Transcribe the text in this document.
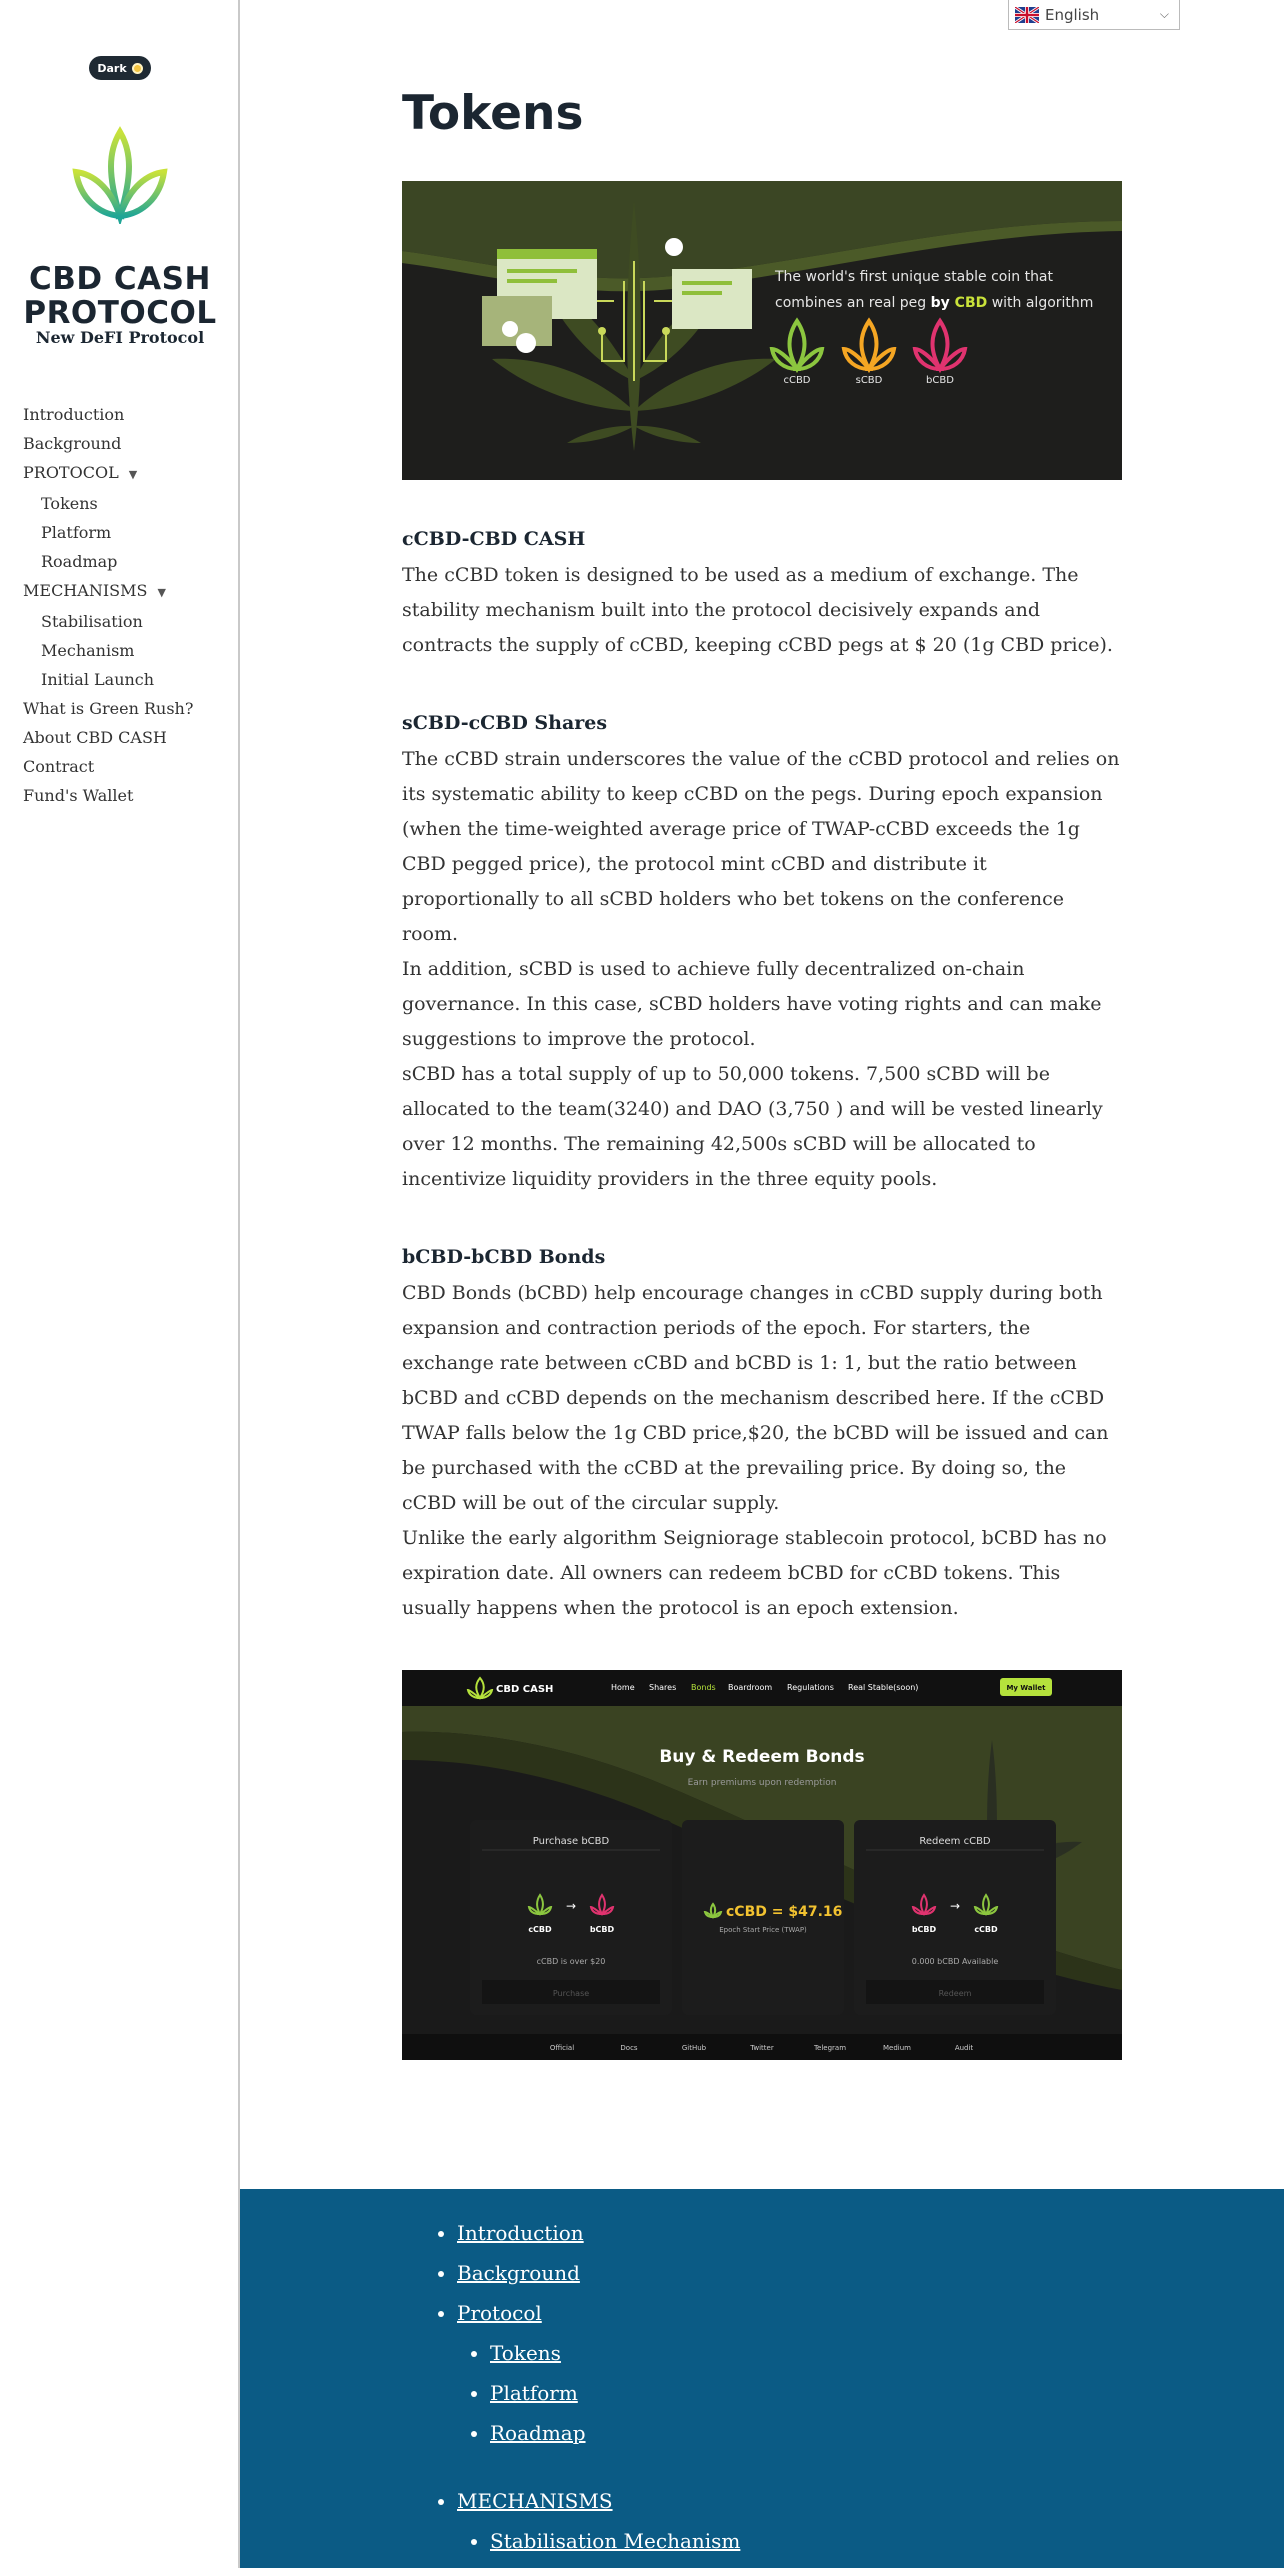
Dark
CBD CASH
PROTOCOL
New DeFI Protocol
Introduction
Background
PROTOCOL ▼
Tokens
Platform
Roadmap
MECHANISMS ▼
Stabilisation
Mechanism
Initial Launch
What is Green Rush?
About CBD CASH
Contract
Fund's Wallet
English	⌵
Tokens
The world's first unique stable coin that
combines an real peg by CBD with algorithm
cCBD	sCBD	bCBD
cCBD-CBD CASH

The cCBD token is designed to be used as a medium of exchange. The stability mechanism built into the protocol decisively expands and contracts the supply of cCBD, keeping cCBD pegs at $ 20 (1g CBD price).

sCBD-cCBD Shares

The cCBD strain underscores the value of the cCBD protocol and relies on its systematic ability to keep cCBD on the pegs. During epoch expansion (when the time-weighted average price of TWAP-cCBD exceeds the 1g CBD pegged price), the protocol mint cCBD and distribute it proportionally to all sCBD holders who bet tokens on the conference room.

In addition, sCBD is used to achieve fully decentralized on-chain governance. In this case, sCBD holders have voting rights and can make suggestions to improve the protocol.

sCBD has a total supply of up to 50,000 tokens. 7,500 sCBD will be allocated to the team(3240) and DAO (3,750 ) and will be vested linearly over 12 months. The remaining 42,500s sCBD will be allocated to incentivize liquidity providers in the three equity pools.

bCBD-bCBD Bonds

CBD Bonds (bCBD) help encourage changes in cCBD supply during both expansion and contraction periods of the epoch. For starters, the exchange rate between cCBD and bCBD is 1: 1, but the ratio between bCBD and cCBD depends on the mechanism described here. If the cCBD TWAP falls below the 1g CBD price,$20, the bCBD will be issued and can be purchased with the cCBD at the prevailing price. By doing so, the cCBD will be out of the circular supply.

Unlike the early algorithm Seigniorage stablecoin protocol, bCBD has no expiration date. All owners can redeem bCBD for cCBD tokens. This usually happens when the protocol is an epoch extension.

CBD CASH	Home Shares Bonds Boardroom Regulations Real Stable(soon)	My Wallet
Buy & Redeem Bonds
Earn premiums upon redemption
Purchase bCBD	Redeem cCBD
→
cCBD	bCBD
cCBD is over $20
Purchase
cCBD = $47.16
Epoch Start Price (TWAP)
→
bCBD	cCBD
0.000 bCBD Available
Redeem
Official	Docs	GitHub	Twitter	Telegram	Medium	Audit
• Introduction
• Background
• Protocol
• Tokens
• Platform
• Roadmap
• MECHANISMS
• Stabilisation Mechanism
